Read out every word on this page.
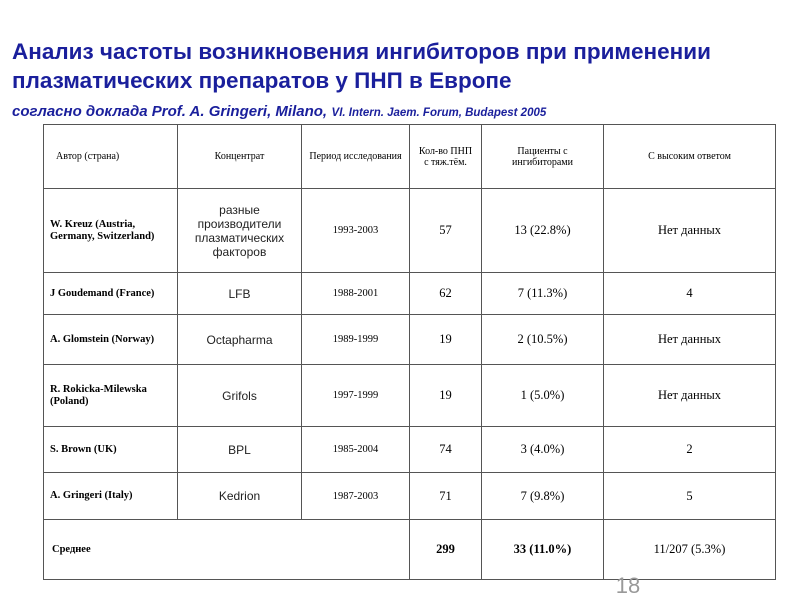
Анализ частоты возникновения ингибиторов при применении плазматических препаратов у ПНП в Европе
согласно доклада Prof. A. Gringeri, Milano, VI. Intern. Jaem. Forum, Budapest 2005
Автор (страна)	Концентрат	Период исследования	Кол-во ПНП с тяж.тём.	Пациенты с ингибиторами	С высоким ответом
W. Kreuz (Austria, Germany, Switzerland)	разные производители плазматических факторов	1993-2003	57	13 (22.8%)	Нет данных
J Goudemand (France)	LFB	1988-2001	62	7 (11.3%)	4
A. Glomstein (Norway)	Octapharma	1989-1999	19	2 (10.5%)	Нет данных
R. Rokicka-Milewska (Poland)	Grifols	1997-1999	19	1 (5.0%)	Нет данных
S. Brown (UK)	BPL	1985-2004	74	3 (4.0%)	2
A. Gringeri (Italy)	Kedrion	1987-2003	71	7 (9.8%)	5
Среднее			299	33 (11.0%)	11/207 (5.3%)
18
